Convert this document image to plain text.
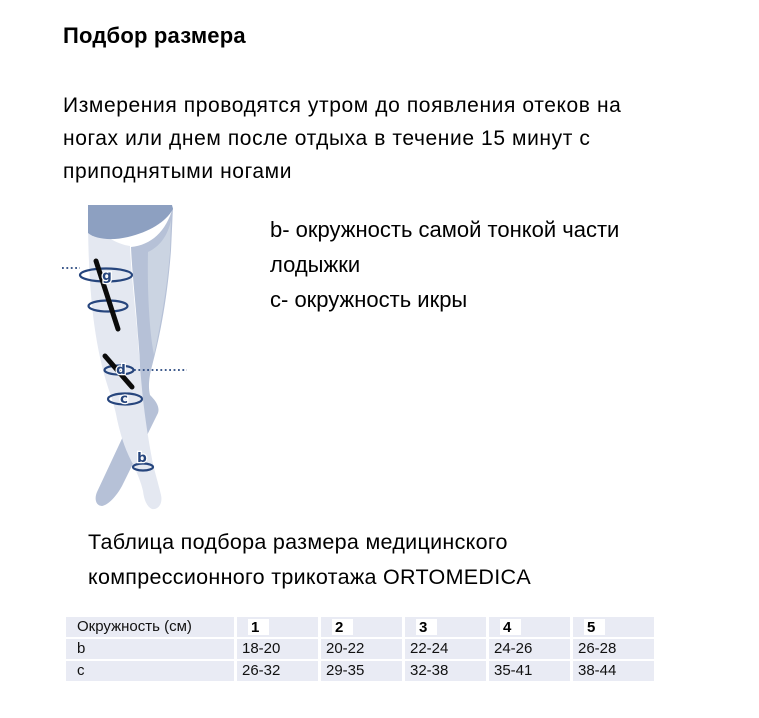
Подбор размера
Измерения проводятся утром до появления отеков на
ногах или днем после отдыха в течение 15 минут с
приподнятыми ногами
g
d
c
b
b- окружность самой тонкой части
лодыжки
c- окружность икры
Таблица подбора размера медицинского
компрессионного трикотажа ORTOMEDICA
Окружность (см)	1	2	3	4	5
b	18-20	20-22	22-24	24-26	26-28
c	26-32	29-35	32-38	35-41	38-44
